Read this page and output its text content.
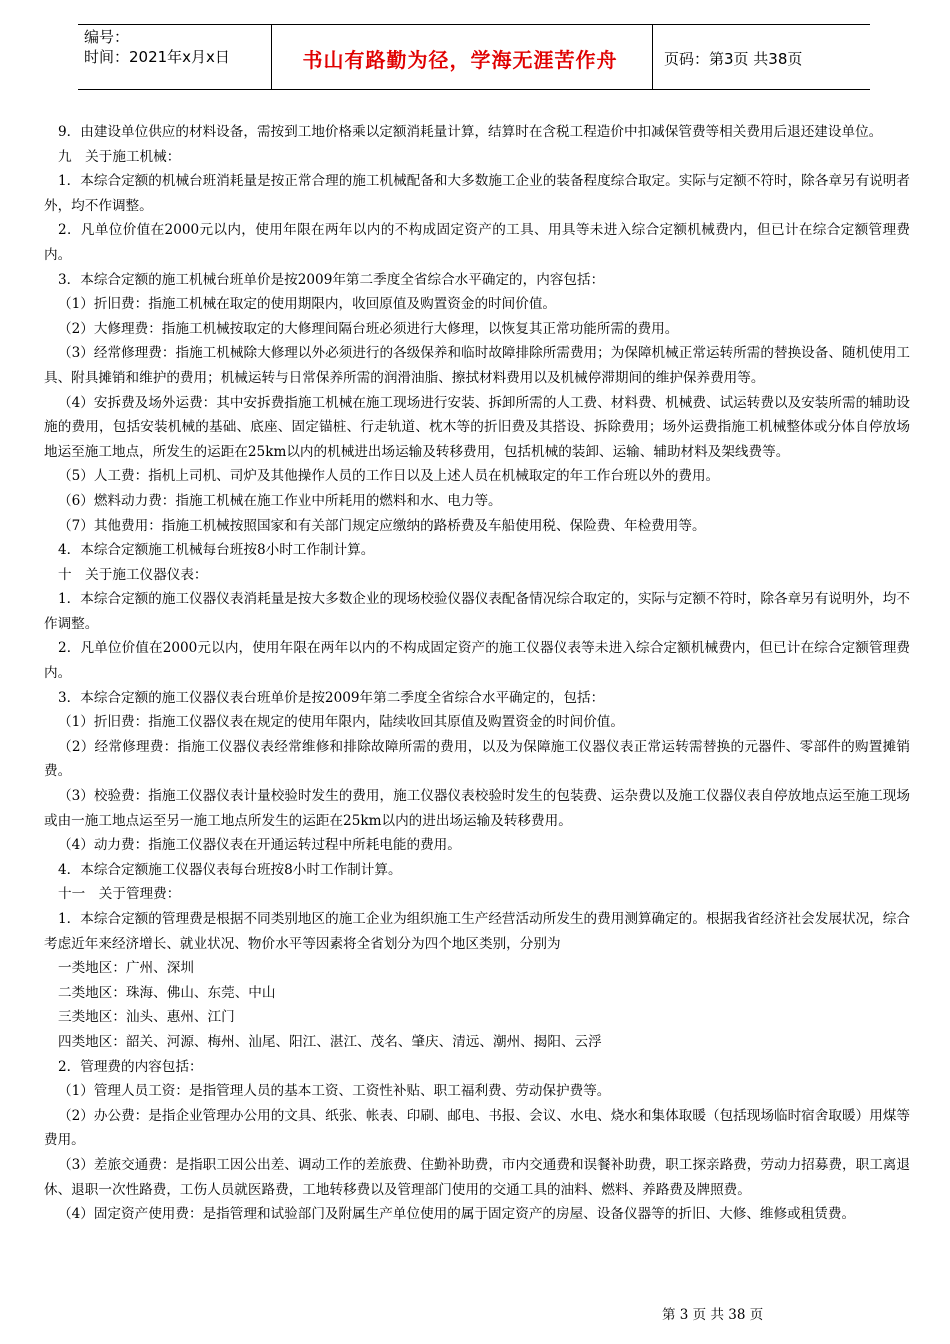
编号：
时间：2021年x月x日	书山有路勤为径，学海无涯苦作舟	页码：第3页 共38页

9．由建设单位供应的材料设备，需按到工地价格乘以定额消耗量计算，结算时在含税工程造价中扣减保管费等相关费用后退还建设单位。

九　关于施工机械：

1．本综合定额的机械台班消耗量是按正常合理的施工机械配备和大多数施工企业的装备程度综合取定。实际与定额不符时，除各章另有说明者外，均不作调整。

2．凡单位价值在2000元以内，使用年限在两年以内的不构成固定资产的工具、用具等未进入综合定额机械费内，但已计在综合定额管理费内。

3．本综合定额的施工机械台班单价是按2009年第二季度全省综合水平确定的，内容包括：

（1）折旧费：指施工机械在取定的使用期限内，收回原值及购置资金的时间价值。

（2）大修理费：指施工机械按取定的大修理间隔台班必须进行大修理，以恢复其正常功能所需的费用。

（3）经常修理费：指施工机械除大修理以外必须进行的各级保养和临时故障排除所需费用；为保障机械正常运转所需的替换设备、随机使用工具、附具摊销和维护的费用；机械运转与日常保养所需的润滑油脂、擦拭材料费用以及机械停滞期间的维护保养费用等。

（4）安拆费及场外运费：其中安拆费指施工机械在施工现场进行安装、拆卸所需的人工费、材料费、机械费、试运转费以及安装所需的辅助设施的费用，包括安装机械的基础、底座、固定锚桩、行走轨道、枕木等的折旧费及其搭设、拆除费用；场外运费指施工机械整体或分体自停放场地运至施工地点，所发生的运距在25km以内的机械进出场运输及转移费用，包括机械的装卸、运输、辅助材料及架线费等。

（5）人工费：指机上司机、司炉及其他操作人员的工作日以及上述人员在机械取定的年工作台班以外的费用。

（6）燃料动力费：指施工机械在施工作业中所耗用的燃料和水、电力等。

（7）其他费用：指施工机械按照国家和有关部门规定应缴纳的路桥费及车船使用税、保险费、年检费用等。

4．本综合定额施工机械每台班按8小时工作制计算。

十　关于施工仪器仪表：

1．本综合定额的施工仪器仪表消耗量是按大多数企业的现场校验仪器仪表配备情况综合取定的，实际与定额不符时，除各章另有说明外，均不作调整。

2．凡单位价值在2000元以内，使用年限在两年以内的不构成固定资产的施工仪器仪表等未进入综合定额机械费内，但已计在综合定额管理费内。

3．本综合定额的施工仪器仪表台班单价是按2009年第二季度全省综合水平确定的，包括：

（1）折旧费：指施工仪器仪表在规定的使用年限内，陆续收回其原值及购置资金的时间价值。

（2）经常修理费：指施工仪器仪表经常维修和排除故障所需的费用，以及为保障施工仪器仪表正常运转需替换的元器件、零部件的购置摊销费。

（3）校验费：指施工仪器仪表计量校验时发生的费用，施工仪器仪表校验时发生的包装费、运杂费以及施工仪器仪表自停放地点运至施工现场或由一施工地点运至另一施工地点所发生的运距在25km以内的进出场运输及转移费用。

（4）动力费：指施工仪器仪表在开通运转过程中所耗电能的费用。

4．本综合定额施工仪器仪表每台班按8小时工作制计算。

十一　关于管理费：

1．本综合定额的管理费是根据不同类别地区的施工企业为组织施工生产经营活动所发生的费用测算确定的。根据我省经济社会发展状况，综合考虑近年来经济增长、就业状况、物价水平等因素将全省划分为四个地区类别，分别为

一类地区：广州、深圳

二类地区：珠海、佛山、东莞、中山

三类地区：汕头、惠州、江门

四类地区：韶关、河源、梅州、汕尾、阳江、湛江、茂名、肇庆、清远、潮州、揭阳、云浮

2．管理费的内容包括：

（1）管理人员工资：是指管理人员的基本工资、工资性补贴、职工福利费、劳动保护费等。

（2）办公费：是指企业管理办公用的文具、纸张、帐表、印刷、邮电、书报、会议、水电、烧水和集体取暖（包括现场临时宿舍取暖）用煤等费用。

（3）差旅交通费：是指职工因公出差、调动工作的差旅费、住勤补助费，市内交通费和误餐补助费，职工探亲路费，劳动力招募费，职工离退休、退职一次性路费，工伤人员就医路费，工地转移费以及管理部门使用的交通工具的油料、燃料、养路费及牌照费。

（4）固定资产使用费：是指管理和试验部门及附属生产单位使用的属于固定资产的房屋、设备仪器等的折旧、大修、维修或租赁费。

第 3 页 共 38 页
